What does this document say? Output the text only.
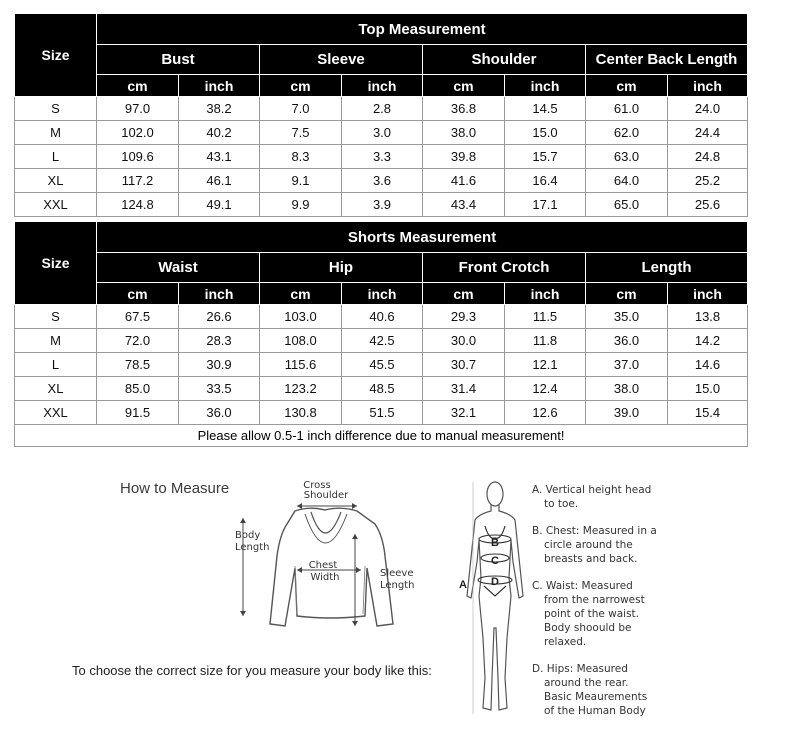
Size	Top Measurement							
	Bust		Sleeve		Shoulder		Center Back Length	
	cm	inch	cm	inch	cm	inch	cm	inch
S	97.0	38.2	7.0	2.8	36.8	14.5	61.0	24.0
M	102.0	40.2	7.5	3.0	38.0	15.0	62.0	24.4
L	109.6	43.1	8.3	3.3	39.8	15.7	63.0	24.8
XL	117.2	46.1	9.1	3.6	41.6	16.4	64.0	25.2
XXL	124.8	49.1	9.9	3.9	43.4	17.1	65.0	25.6
Size	Shorts Measurement							
	Waist		Hip		Front Crotch		Length	
	cm	inch	cm	inch	cm	inch	cm	inch
S	67.5	26.6	103.0	40.6	29.3	11.5	35.0	13.8
M	72.0	28.3	108.0	42.5	30.0	11.8	36.0	14.2
L	78.5	30.9	115.6	45.5	30.7	12.1	37.0	14.6
XL	85.0	33.5	123.2	48.5	31.4	12.4	38.0	15.0
XXL	91.5	36.0	130.8	51.5	32.1	12.6	39.0	15.4
Please allow 0.5-1 inch difference due to manual measurement!								
How to Measure	Cross
Shoulder
Body
Length
Chest
Width	Sleeve
Length
To choose the correct size for you measure your body like this:
A
B
C
D
A. Vertical height head
to toe.
B. Chest: Measured in a
circle around the
breasts and back.
C. Waist: Measured
from the narrowest
point of the waist.
Body shoould be
relaxed.
D. Hips: Measured
around the rear.
Basic Meaurements
of the Human Body
